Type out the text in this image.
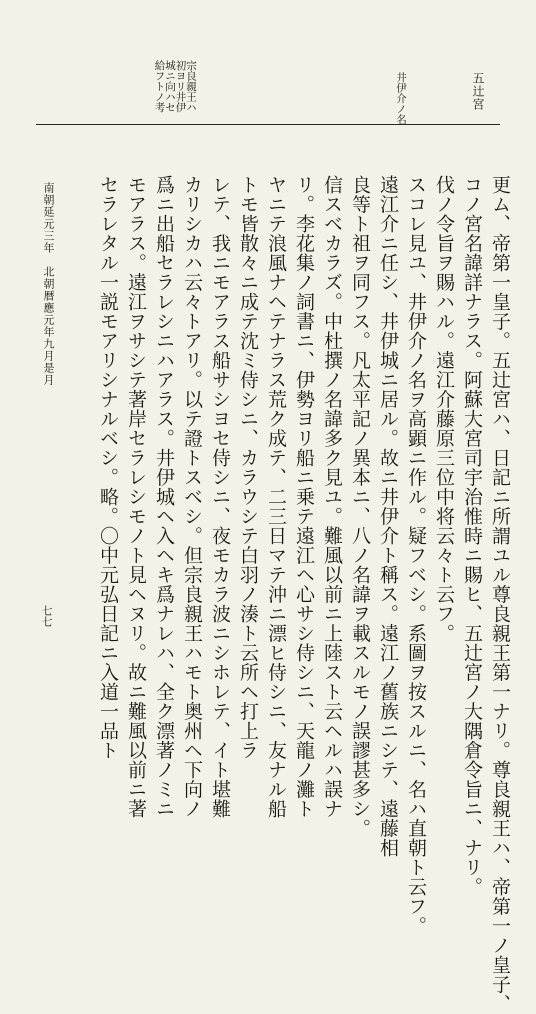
五辻宮
井伊介ノ名
宗良親王ハ初ヨリ井伊城ニ向ハセ給フトノ考
更ム、帝第一皇子。五辻宮ハ、日記ニ所謂ユル尊良親王第一ナリ。尊良親王ハ、帝第一ノ皇子、
コノ宮名諱詳ナラス。阿蘇大宮司宇治惟時ニ賜ヒ、五辻宮ノ大隅倉令旨ニ、ナリ。
伐ノ令旨ヲ賜ハル。遠江介藤原三位中将云々ト云フ。
スコレ見ユ、井伊介ノ名ヲ高顕ニ作ル。疑フベシ。系圖ヲ按スルニ、名ハ直朝ト云フ。
遠江介ニ任シ、井伊城ニ居ル。故ニ井伊介ト稱ス。遠江ノ舊族ニシテ、遠藤相
良等ト祖ヲ同フス。凡太平記ノ異本ニ、八ノ名諱ヲ載スルモノ誤謬甚多シ。
信スベカラズ。中杜撰ノ名諱多ク見ユ。難風以前ニ上陸スト云ヘルハ誤ナ
リ。李花集ノ詞書ニ、伊勢ヨリ船ニ乗テ遠江ヘ心サシ侍シニ、天龍ノ灘ト
ヤニテ浪風ナヘテナラス荒ク成テ、二三日マテ沖ニ漂ヒ侍シニ、友ナル船
トモ皆散々ニ成テ沈ミ侍シニ、カラウシテ白羽ノ湊ト云所ヘ打上ラ
レテ、我ニモアラス船サシヨセ侍シニ、夜モカラ波ニシホレテ、イト堪難
カリシカハ云々トアリ。以テ證トスベシ。但宗良親王ハモト奥州ヘ下向ノ
爲ニ出船セラレシニハアラス。井伊城ヘ入ヘキ爲ナレハ、全ク漂著ノミニ
モアラス。遠江ヲサシテ著岸セラレシモノト見ヘヌリ。故ニ難風以前ニ著
セラレタル一説モアリシナルベシ。略。〇中元弘日記ニ入道一品ト
南朝延元三年　北朝暦應元年九月是月
七七
